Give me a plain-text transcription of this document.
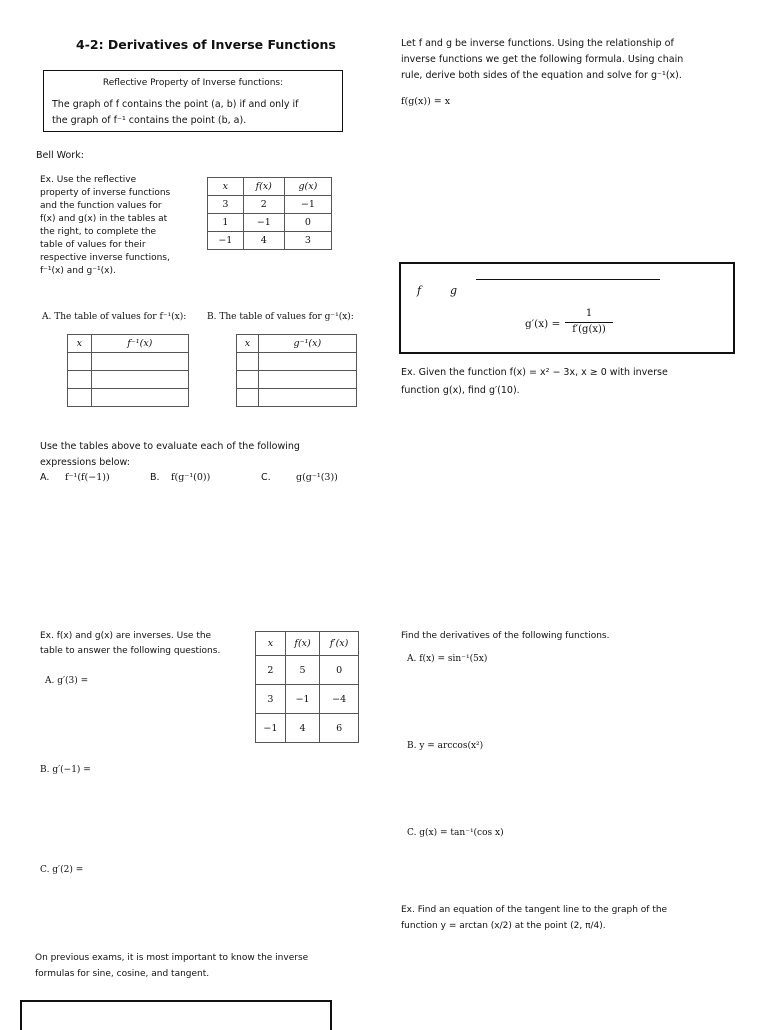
4-2: Derivatives of Inverse Functions
Reflective Property of Inverse functions:
The graph of f contains the point (a, b) if and only if
the graph of f⁻¹ contains the point (b, a).
Bell Work:
Ex. Use the reflective
property of inverse functions
and the function values for
f(x) and g(x) in the tables at
the right, to complete the
table of values for their
respective inverse functions,
f⁻¹(x) and g⁻¹(x).
x	f(x)	g(x)
3	2	−1
1	−1	0
−1	4	3
A. The table of values for f⁻¹(x): B. The table of values for g⁻¹(x):
x	f⁻¹(x)

		x	g⁻¹(x)

Use the tables above to evaluate each of the following
expressions below:
A. f⁻¹(f(−1))	B. f(g⁻¹(0))	C.	g(g⁻¹(3))
Ex. f(x) and g(x) are inverses. Use the
table to answer the following questions.
A. g′(3) =
x	f(x)	f′(x)
2	5	0
3	−1	−4
−1	4	6
B. g′(−1) =
C. g′(2) =
On previous exams, it is most important to know the inverse
formulas for sine, cosine, and tangent.
Let f and g be inverse functions. Using the relationship of
inverse functions we get the following formula. Using chain
rule, derive both sides of the equation and solve for g⁻¹(x).
f(g(x)) = x
f	g
g′(x) =
1
f′(g(x))
Ex. Given the function f(x) = x² − 3x, x ≥ 0 with inverse
function g(x), find g′(10).
Find the derivatives of the following functions.
A. f(x) = sin⁻¹(5x)
B. y = arccos(x²)
C. g(x) = tan⁻¹(cos x)
Ex. Find an equation of the tangent line to the graph of the
function y = arctan (x/2) at the point (2, π/4).
